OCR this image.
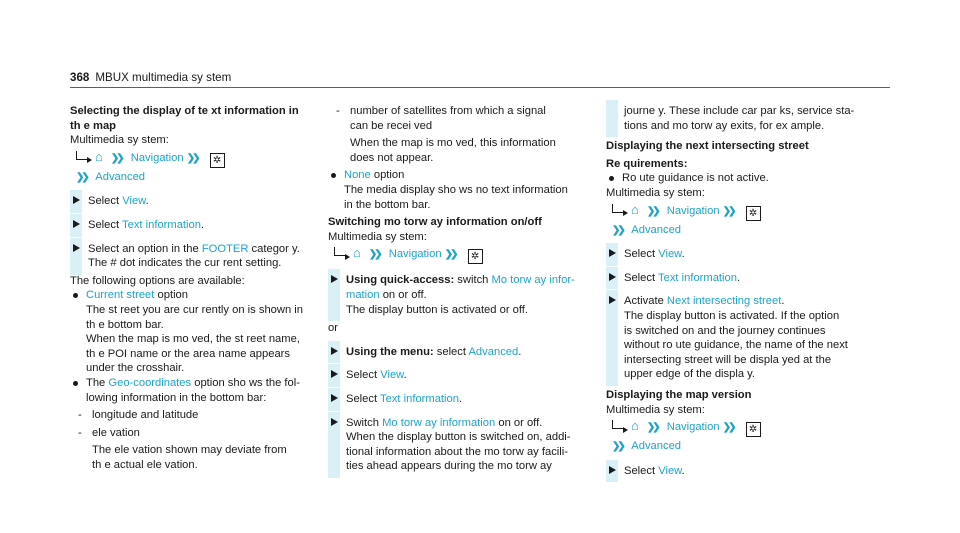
368 MBUX multimedia sy stem
Selecting the display of te xt information in
th e map
Multimedia sy stem:
⌂ ❯❯ Navigation ❯❯ ✲
❯❯ Advanced
Select View.
Select Text information.
Select an option in the FOOTER categor y.
The # dot indicates the cur rent setting.
The following options are available:
Current street option
The st reet you are cur rently on is shown in
th e bottom bar.
When the map is mo ved, the st reet name,
th e POI name or the area name appears
under the crosshair.
The Geo-coordinates option sho ws the fol‐
lowing information in the bottom bar:
- longitude and latitude
- ele vation
The ele vation shown may deviate from
th e actual ele vation.
- number of satellites from which a signal
can be recei ved
When the map is mo ved, this information
does not appear.
None option
The media display sho ws no text information
in the bottom bar.
Switching mo torw ay information on/off
Multimedia sy stem:
⌂ ❯❯ Navigation ❯❯ ✲
Using quick-access: switch Mo torw ay infor‐
mation on or off.
The display button is activated or off.
or
Using the menu: select Advanced.
Select View.
Select Text information.
Switch Mo torw ay information on or off.
When the display button is switched on, addi‐
tional information about the mo torw ay facili‐
ties ahead appears during the mo torw ay
journe y. These include car par ks, service sta‐
tions and mo torw ay exits, for ex ample.
Displaying the next intersecting street
Re quirements:
Ro ute guidance is not active.
Multimedia sy stem:
⌂ ❯❯ Navigation ❯❯ ✲
❯❯ Advanced
Select View.
Select Text information.
Activate Next intersecting street.
The display button is activated. If the option
is switched on and the journey continues
without ro ute guidance, the name of the next
intersecting street will be displa yed at the
upper edge of the displa y.
Displaying the map version
Multimedia sy stem:
⌂ ❯❯ Navigation ❯❯ ✲
❯❯ Advanced
Select View.
